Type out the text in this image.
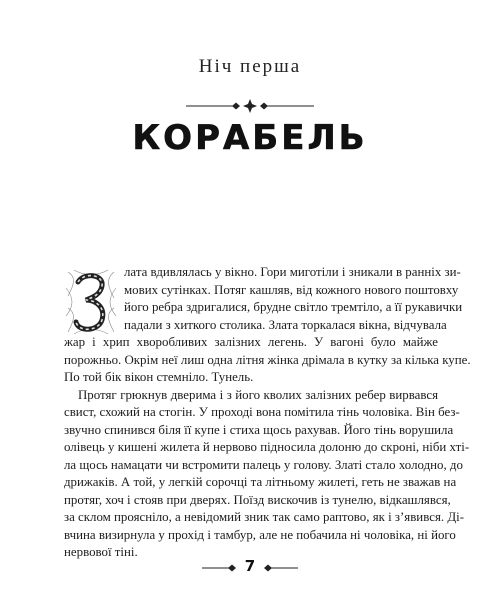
Ніч перша
КОРАБЕЛЬ
лата вдивлялась у вікно. Гори миготіли і зникали в ранніх зи-
мових сутінках. Потяг кашляв, від кожного нового поштовху
його ребра здригалися, брудне світло тремтіло, а її рукавички
падали з хиткого столика. Злата торкалася вікна, відчувала
жар і хрип хворобливих залізних легень. У вагоні було майже
порожньо. Окрім неї лиш одна літня жінка дрімала в кутку за кілька купе.
По той бік вікон стемніло. Тунель.
Протяг грюкнув дверима і з його кволих залізних ребер вирвався
свист, схожий на стогін. У проході вона помітила тінь чоловіка. Він без-
звучно спинився біля її купе і стиха щось рахував. Його тінь ворушила
олівець у кишені жилета й нервово підносила долоню до скроні, ніби хті-
ла щось намацати чи встромити палець у голову. Златі стало холодно, до
дрижаків. А той, у легкій сорочці та літньому жилеті, геть не зважав на
протяг, хоч і стояв при дверях. Поїзд вискочив із тунелю, відкашлявся,
за склом прояснілo, а невідомий зник так само раптово, як і з’явився. Ді-
вчина визирнула у прохід і тамбур, але не побачила ні чоловіка, ні його
нервової тіні.
7
